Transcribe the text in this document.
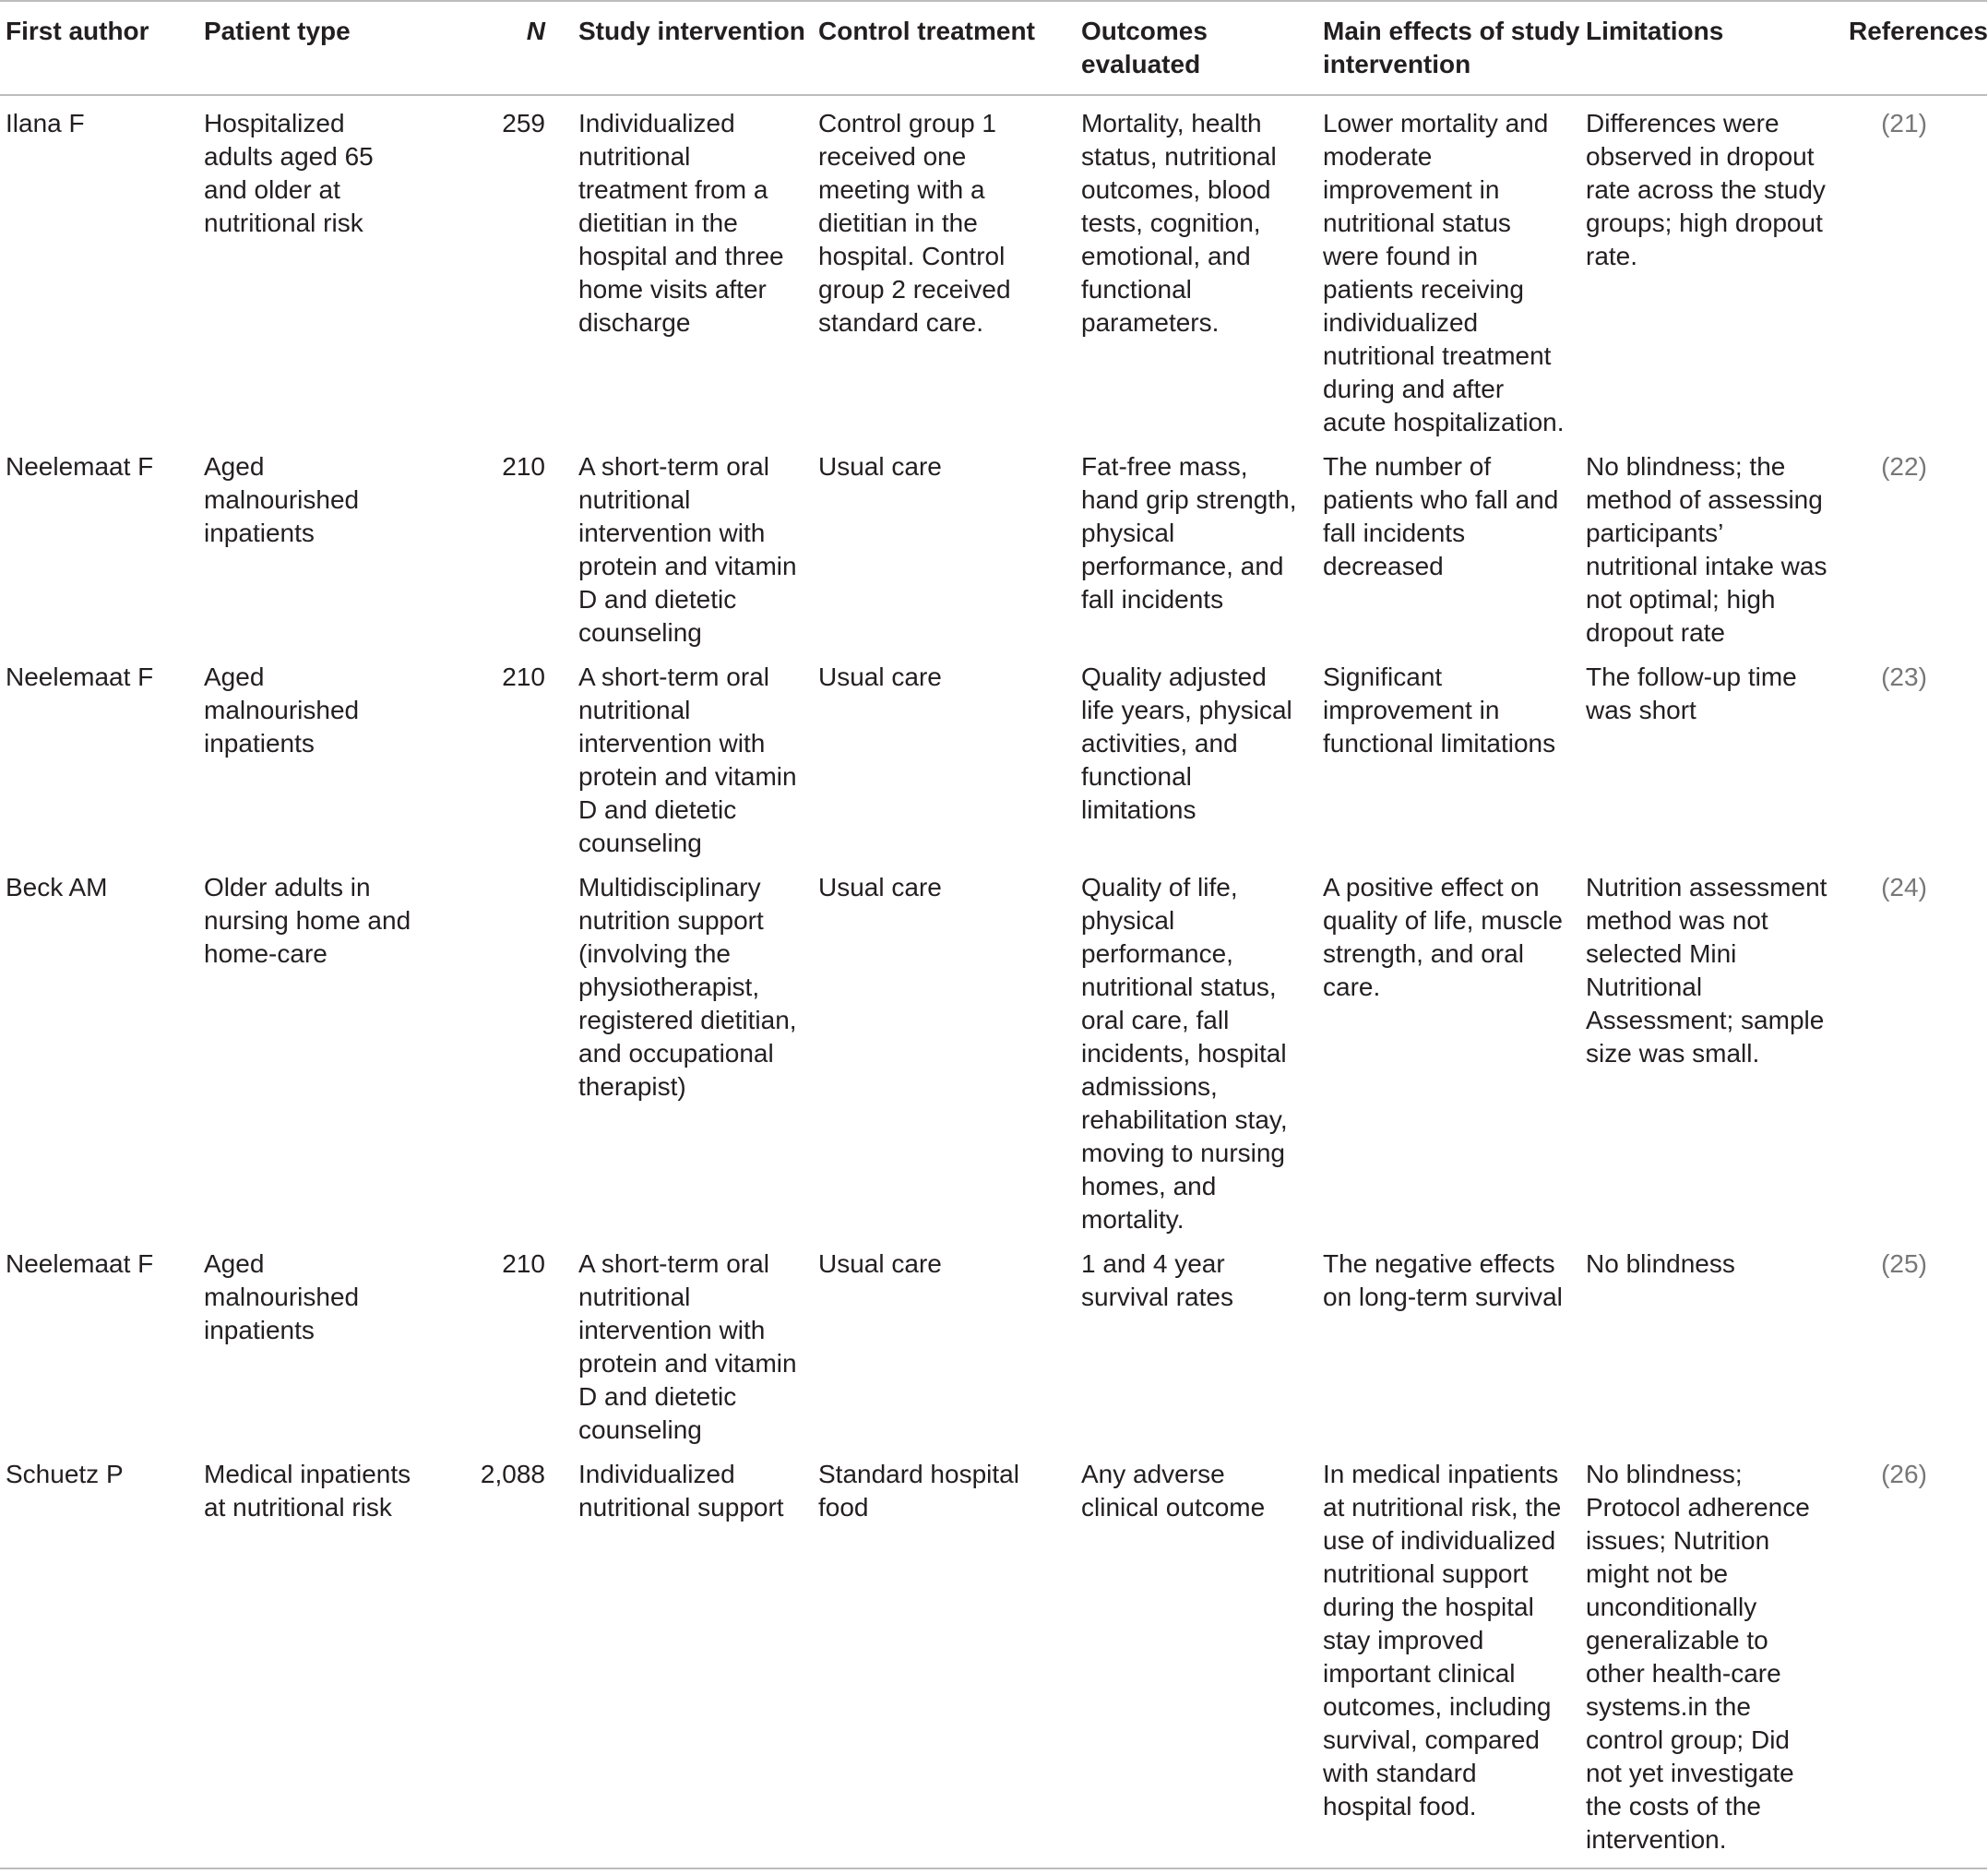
First author	Patient type	N	Study intervention	Control treatment	Outcomes evaluated	Main effects of study intervention	Limitations	References

Ilana F	Hospitalized adults aged 65 and older at nutritional risk	259	Individualized nutritional treatment from a dietitian in the hospital and three home visits after discharge	Control group 1 received one meeting with a dietitian in the hospital. Control group 2 received standard care.	Mortality, health status, nutritional outcomes, blood tests, cognition, emotional, and functional parameters.	Lower mortality and moderate improvement in nutritional status were found in patients receiving individualized nutritional treatment during and after acute hospitalization.	Differences were observed in dropout rate across the study groups; high dropout rate.	(21)

Neelemaat F	Aged malnourished inpatients	210	A short-term oral nutritional intervention with protein and vitamin D and dietetic counseling	Usual care	Fat-free mass, hand grip strength, physical performance, and fall incidents	The number of patients who fall and fall incidents decreased	No blindness; the method of assessing participants’ nutritional intake was not optimal; high dropout rate	(22)

Neelemaat F	Aged malnourished inpatients	210	A short-term oral nutritional intervention with protein and vitamin D and dietetic counseling	Usual care	Quality adjusted life years, physical activities, and functional limitations	Significant improvement in functional limitations	The follow-up time was short	(23)

Beck AM	Older adults in nursing home and home-care		Multidisciplinary nutrition support (involving the physiotherapist, registered dietitian, and occupational therapist)	Usual care	Quality of life, physical performance, nutritional status, oral care, fall incidents, hospital admissions, rehabilitation stay, moving to nursing homes, and mortality.	A positive effect on quality of life, muscle strength, and oral care.	Nutrition assessment method was not selected Mini Nutritional Assessment; sample size was small.	(24)

Neelemaat F	Aged malnourished inpatients	210	A short-term oral nutritional intervention with protein and vitamin D and dietetic counseling	Usual care	1 and 4 year survival rates	The negative effects on long-term survival	No blindness	(25)

Schuetz P	Medical inpatients at nutritional risk	2,088	Individualized nutritional support	Standard hospital food	Any adverse clinical outcome	In medical inpatients at nutritional risk, the use of individualized nutritional support during the hospital stay improved important clinical outcomes, including survival, compared with standard hospital food.	No blindness; Protocol adherence issues; Nutrition might not be unconditionally generalizable to other health-care systems.in the control group; Did not yet investigate the costs of the intervention.	(26)
